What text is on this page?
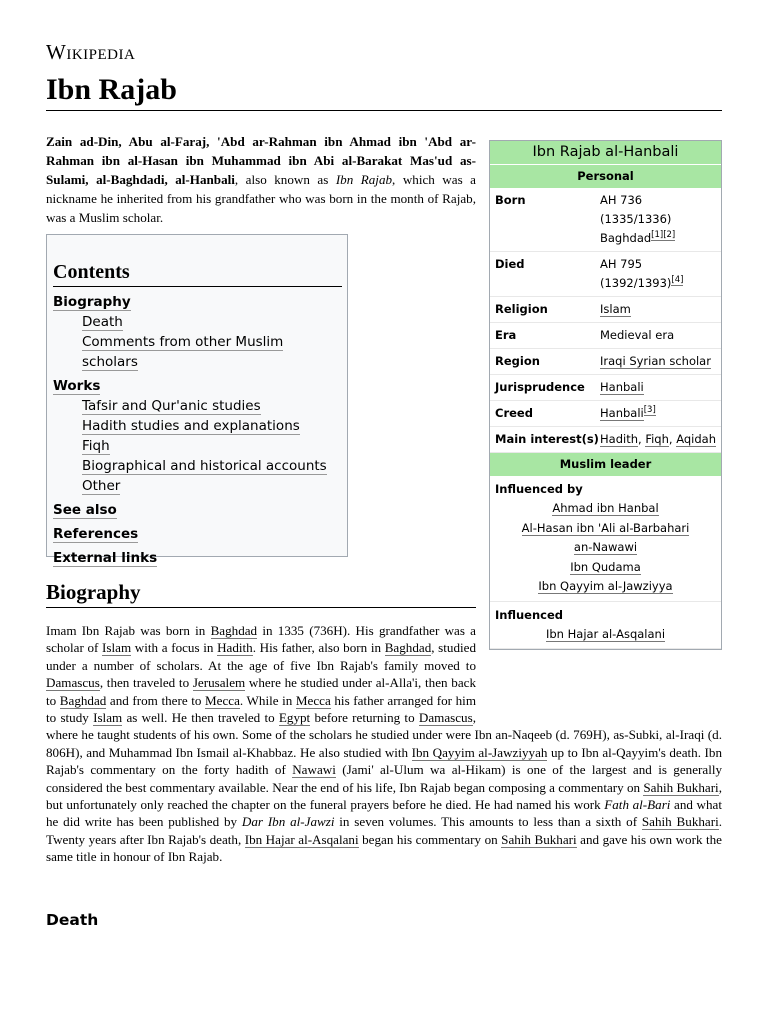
Wikipedia
Ibn Rajab

Zain ad-Din, Abu al-Faraj, 'Abd ar-Rahman ibn Ahmad ibn 'Abd ar-Rahman ibn al-Hasan ibn Muhammad ibn Abi al-Barakat Mas'ud as-Sulami, al-Baghdadi, al-Hanbali, also known as Ibn Rajab, which was a nickname he inherited from his grandfather who was born in the month of Rajab, was a Muslim scholar.

Contents
Biography
Death
Comments from other Muslim scholars
Works
Tafsir and Qur'anic studies
Hadith studies and explanations
Fiqh
Biographical and historical accounts
Other
See also
References
External links
Biography

Imam Ibn Rajab was born in Baghdad in 1335 (736H). His grandfather was a scholar of Islam with a focus in Hadith. His father, also born in Baghdad, studied under a number of scholars. At the age of five Ibn Rajab's family moved to Damascus, then traveled to Jerusalem where he studied under al-Alla'i, then back to Baghdad and from there to Mecca. While in Mecca his father arranged for him to study Islam as well. He then traveled to Egypt before returning to Damascus, where he taught students of his own. Some of the scholars he studied under were Ibn an-Naqeeb (d. 769H), as-Subki, al-Iraqi (d. 806H), and Muhammad Ibn Ismail al-Khabbaz. He also studied with Ibn Qayyim al-Jawziyyah up to Ibn al-Qayyim's death. Ibn Rajab's commentary on the forty hadith of Nawawi (Jami' al-Ulum wa al-Hikam) is one of the largest and is generally considered the best commentary available. Near the end of his life, Ibn Rajab began composing a commentary on Sahih Bukhari, but unfortunately only reached the chapter on the funeral prayers before he died. He had named his work Fath al-Bari and what he did write has been published by Dar Ibn al-Jawzi in seven volumes. This amounts to less than a sixth of Sahih Bukhari. Twenty years after Ibn Rajab's death, Ibn Hajar al-Asqalani began his commentary on Sahih Bukhari and gave his own work the same title in honour of Ibn Rajab.

Death
Ibn Rajab al-Hanbali
Personal
Born	AH 736 (1335/1336) Baghdad[1][2]
Died	AH 795 (1392/1393)[4]
Religion	Islam
Era	Medieval era
Region	Iraqi Syrian scholar
Jurisprudence	Hanbali
Creed	Hanbali[3]
Main interest(s) Hadith, Fiqh, Aqidah
Muslim leader
Influenced by
Ahmad ibn Hanbal
Al-Hasan ibn 'Ali al-Barbahari
an-Nawawi
Ibn Qudama
Ibn Qayyim al-Jawziyya
Influenced
Ibn Hajar al-Asqalani
